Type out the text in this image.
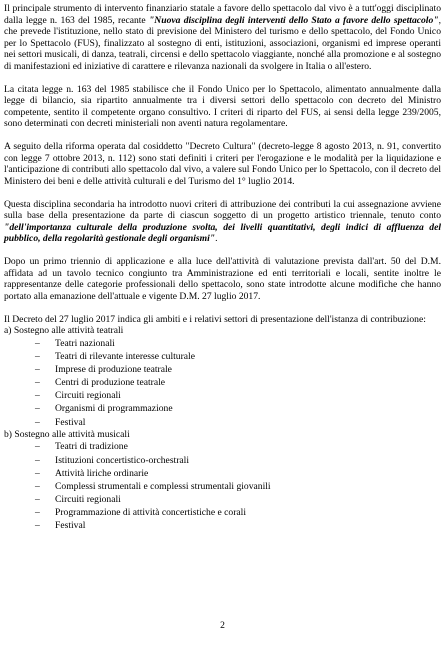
Il principale strumento di intervento finanziario statale a favore dello spettacolo dal vivo è a tutt'oggi disciplinato dalla legge n. 163 del 1985, recante "Nuova disciplina degli interventi dello Stato a favore dello spettacolo", che prevede l'istituzione, nello stato di previsione del Ministero del turismo e dello spettacolo, del Fondo Unico per lo Spettacolo (FUS), finalizzato al sostegno di enti, istituzioni, associazioni, organismi ed imprese operanti nei settori musicali, di danza, teatrali, circensi e dello spettacolo viaggiante, nonché alla promozione e al sostegno di manifestazioni ed iniziative di carattere e rilevanza nazionali da svolgere in Italia o all'estero.

La citata legge n. 163 del 1985 stabilisce che il Fondo Unico per lo Spettacolo, alimentato annualmente dalla legge di bilancio, sia ripartito annualmente tra i diversi settori dello spettacolo con decreto del Ministro competente, sentito il competente organo consultivo. I criteri di riparto del FUS, ai sensi della legge 239/2005, sono determinati con decreti ministeriali non aventi natura regolamentare.

A seguito della riforma operata dal cosiddetto "Decreto Cultura" (decreto-legge 8 agosto 2013, n. 91, convertito con legge 7 ottobre 2013, n. 112) sono stati definiti i criteri per l'erogazione e le modalità per la liquidazione e l'anticipazione di contributi allo spettacolo dal vivo, a valere sul Fondo Unico per lo Spettacolo, con il decreto del Ministero dei beni e delle attività culturali e del Turismo del 1° luglio 2014.

Questa disciplina secondaria ha introdotto nuovi criteri di attribuzione dei contributi la cui assegnazione avviene sulla base della presentazione da parte di ciascun soggetto di un progetto artistico triennale, tenuto conto "dell'importanza culturale della produzione svolta, dei livelli quantitativi, degli indici di affluenza del pubblico, della regolarità gestionale degli organismi".

Dopo un primo triennio di applicazione e alla luce dell'attività di valutazione prevista dall'art. 50 del D.M. affidata ad un tavolo tecnico congiunto tra Amministrazione ed enti territoriali e locali, sentite inoltre le rappresentanze delle categorie professionali dello spettacolo, sono state introdotte alcune modifiche che hanno portato alla emanazione dell'attuale e vigente D.M. 27 luglio 2017.

Il Decreto del 27 luglio 2017 indica gli ambiti e i relativi settori di presentazione dell'istanza di contribuzione:

a) Sostegno alle attività teatrali
– Teatri nazionali
– Teatri di rilevante interesse culturale
– Imprese di produzione teatrale
– Centri di produzione teatrale
– Circuiti regionali
– Organismi di programmazione
– Festival
b) Sostegno alle attività musicali
– Teatri di tradizione
– Istituzioni concertistico-orchestrali
– Attività liriche ordinarie
– Complessi strumentali e complessi strumentali giovanili
– Circuiti regionali
– Programmazione di attività concertistiche e corali
– Festival
2
